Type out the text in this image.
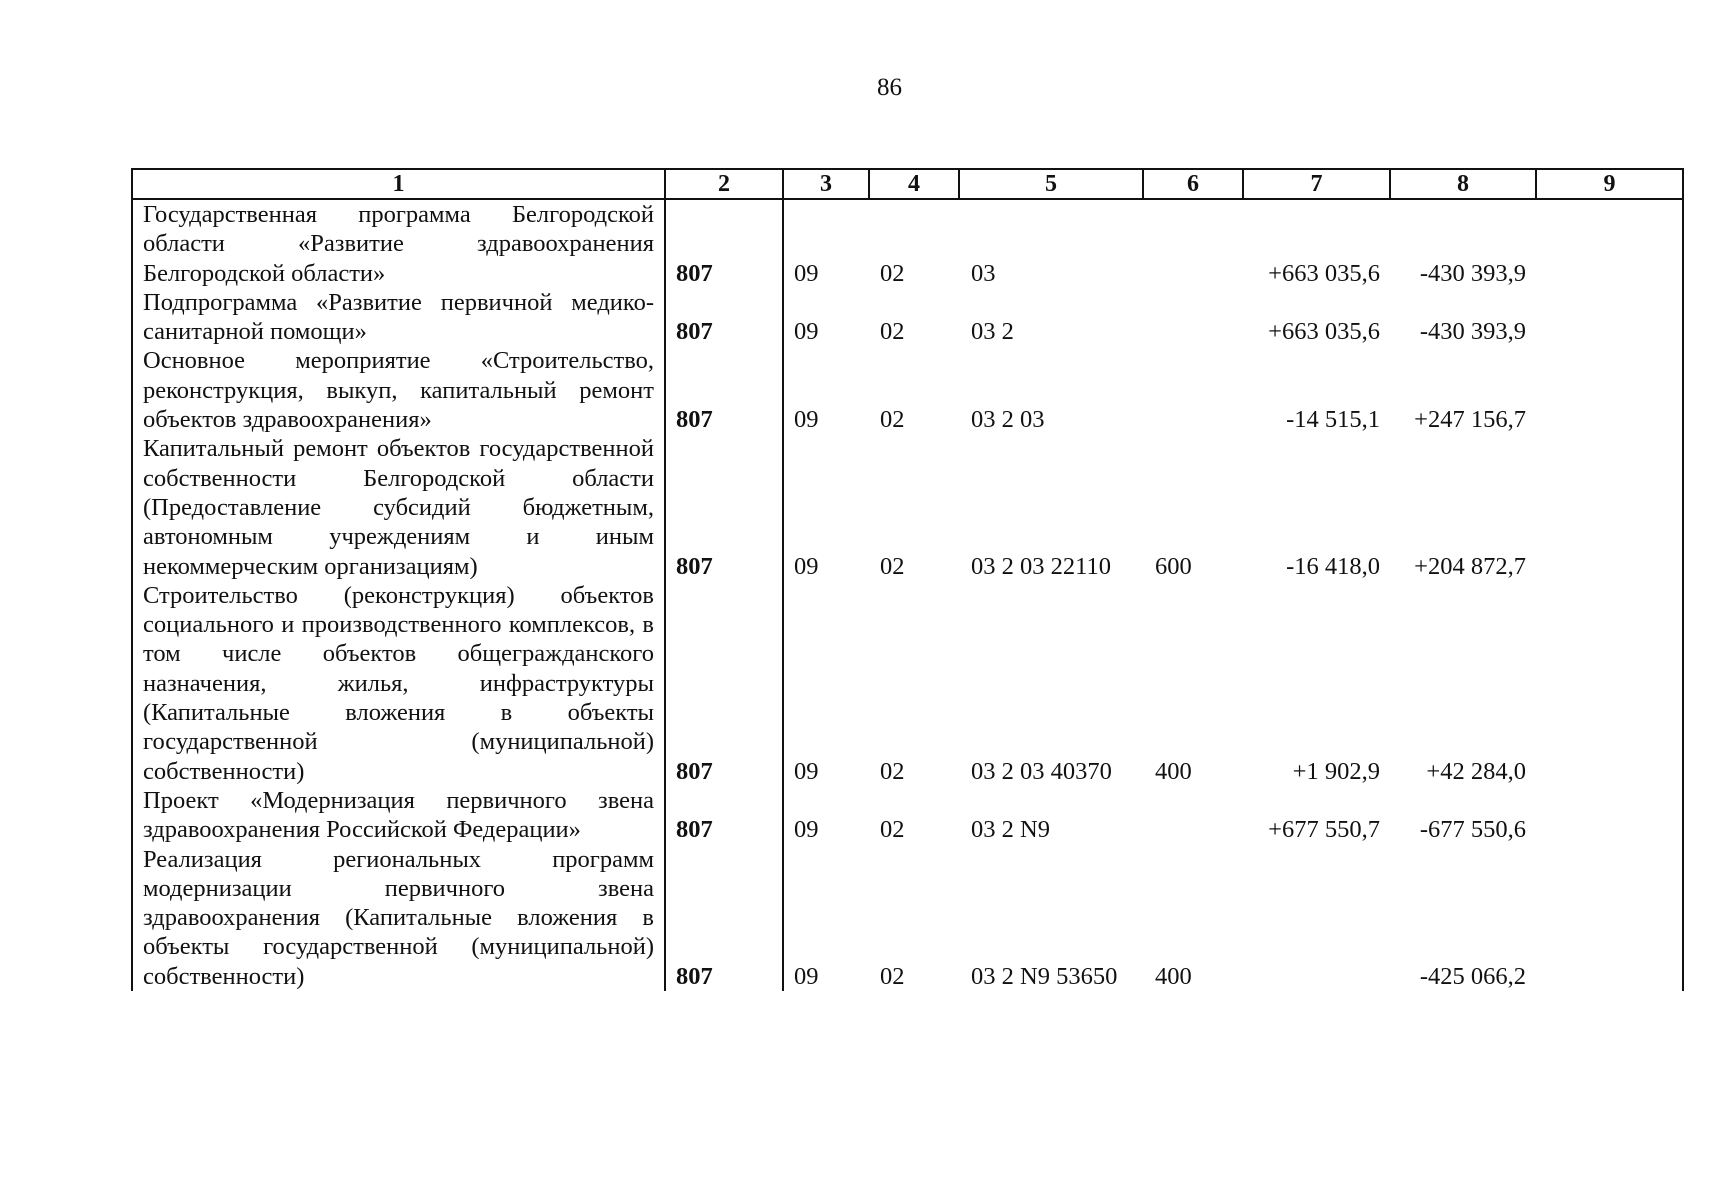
86
1	2	3	4	5	6	7	8	9

Государственная программа Белгородской области «Развитие здравоохранения Белгородской области»	807	09	02	03		+663 035,6	-430 393,9	

Подпрограмма «Развитие первичной медико-санитарной помощи»	807	09	02	03 2		+663 035,6	-430 393,9	

Основное мероприятие «Строительство, реконструкция, выкуп, капитальный ремонт объектов здравоохранения»	807	09	02	03 2 03		-14 515,1	+247 156,7	

Капитальный ремонт объектов государственной собственности Белгородской области (Предоставление субсидий бюджетным, автономным учреждениям и иным некоммерческим организациям)	807	09	02	03 2 03 22110	600	-16 418,0	+204 872,7	

Строительство (реконструкция) объектов социального и производственного комплексов, в том числе объектов общегражданского назначения, жилья, инфраструктуры (Капитальные вложения в объекты государственной (муниципальной) собственности)	807	09	02	03 2 03 40370	400	+1 902,9	+42 284,0	

Проект «Модернизация первичного звена здравоохранения Российской Федерации»	807	09	02	03 2 N9		+677 550,7	-677 550,6	

Реализация региональных программ модернизации первичного звена здравоохранения (Капитальные вложения в объекты государственной (муниципальной) собственности)	807	09	02	03 2 N9 53650	400		-425 066,2	
